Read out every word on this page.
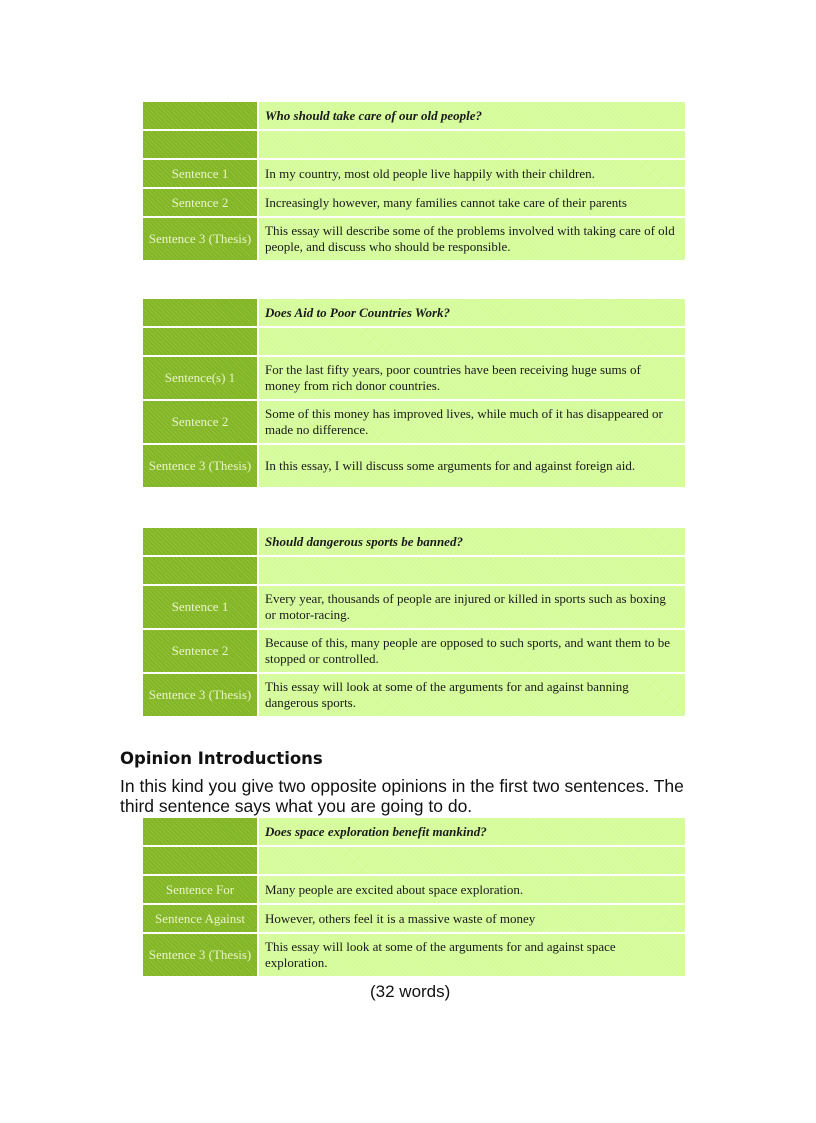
	Who should take care of our old people?

Sentence 1	In my country, most old people live happily with their children.
Sentence 2	Increasingly however, many families cannot take care of their parents
Sentence 3 (Thesis)	This essay will describe some of the problems involved with taking care of old people, and discuss who should be responsible.
	Does Aid to Poor Countries Work?

Sentence(s) 1	For the last fifty years, poor countries have been receiving huge sums of money from rich donor countries.
Sentence 2	Some of this money has improved lives, while much of it has disappeared or made no difference.
Sentence 3 (Thesis)	In this essay, I will discuss some arguments for and against foreign aid.
	Should dangerous sports be banned?

Sentence 1	Every year, thousands of people are injured or killed in sports such as boxing or motor-racing.
Sentence 2	Because of this, many people are opposed to such sports, and want them to be stopped or controlled.
Sentence 3 (Thesis)	This essay will look at some of the arguments for and against banning dangerous sports.
Opinion Introductions

In this kind you give two opposite opinions in the first two sentences. The third sentence says what you are going to do.

	Does space exploration benefit mankind?

Sentence For	Many people are excited about space exploration.
Sentence Against	However, others feel it is a massive waste of money
Sentence 3 (Thesis)	This essay will look at some of the arguments for and against space exploration.

(32 words)
